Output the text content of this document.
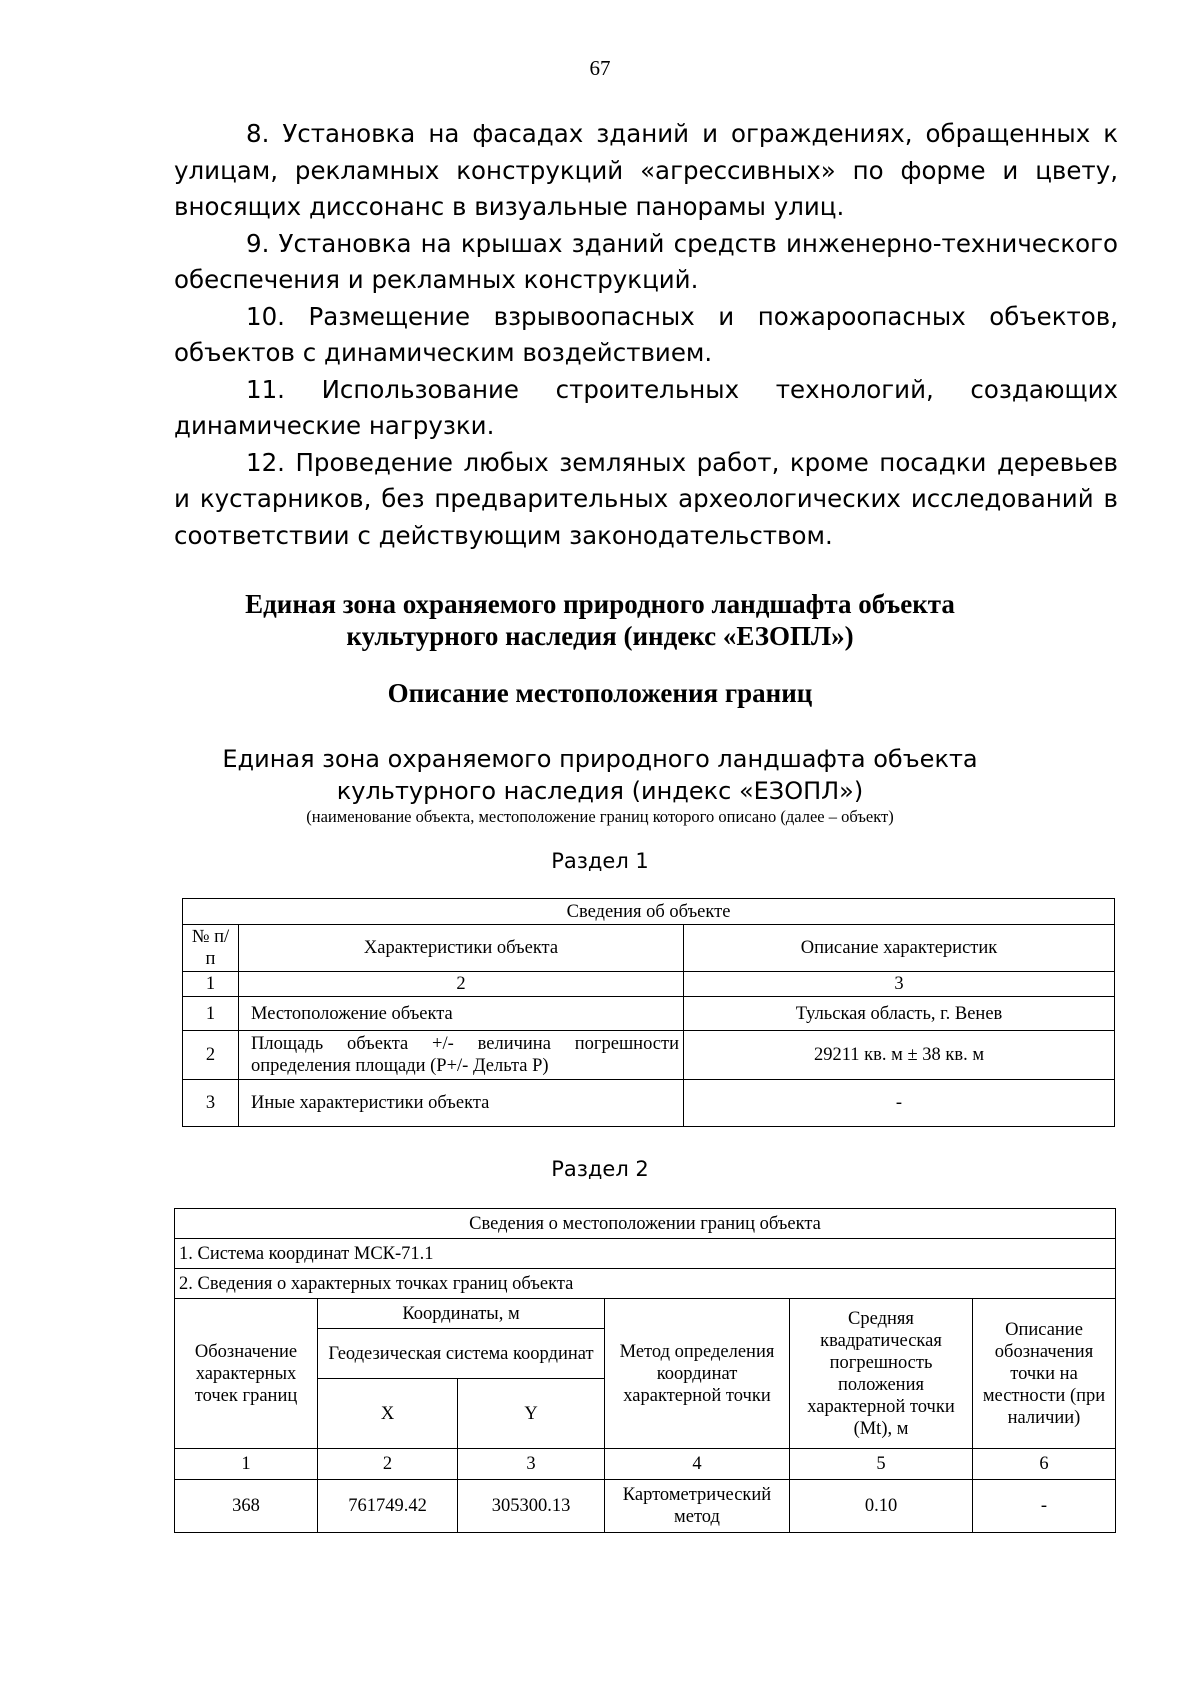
67

8. Установка на фасадах зданий и ограждениях, обращенных к улицам, рекламных конструкций «агрессивных» по форме и цвету, вносящих диссонанс в визуальные панорамы улиц.

9. Установка на крышах зданий средств инженерно-технического обеспечения и рекламных конструкций.

10. Размещение взрывоопасных и пожароопасных объектов, объектов с динамическим воздействием.

11. Использование строительных технологий, создающих динамические нагрузки.

12. Проведение любых земляных работ, кроме посадки деревьев и кустарников, без предварительных археологических исследований в соответствии с действующим законодательством.

Единая зона охраняемого природного ландшафта объекта
культурного наследия (индекс «ЕЗОПЛ»)
Описание местоположения границ
Единая зона охраняемого природного ландшафта объекта
культурного наследия (индекс «ЕЗОПЛ»)
(наименование объекта, местоположение границ которого описано (далее – объект)
Раздел 1
Сведения об объекте		
№ п/п	Характеристики объекта	Описание характеристик
1	2	3
1	Местоположение объекта	Тульская область, г. Венев
2	Площадь объекта +/- величина погрешности определения площади (P+/- Дельта P)	29211 кв. м ± 38 кв. м
3	Иные характеристики объекта	-
Раздел 2
Сведения о местоположении границ объекта					
1. Система координат МСК-71.1					
2. Сведения о характерных точках границ объекта					
Обозначение характерных точек границ	Координаты, м		Метод определения координат характерной точки	Средняя квадратическая погрешность положения характерной точки (Mt), м	Описание обозначения точки на местности (при наличии)
	Геодезическая система координат				
	X	Y			
1	2	3	4	5	6
368	761749.42	305300.13	Картометрический метод	0.10	-
